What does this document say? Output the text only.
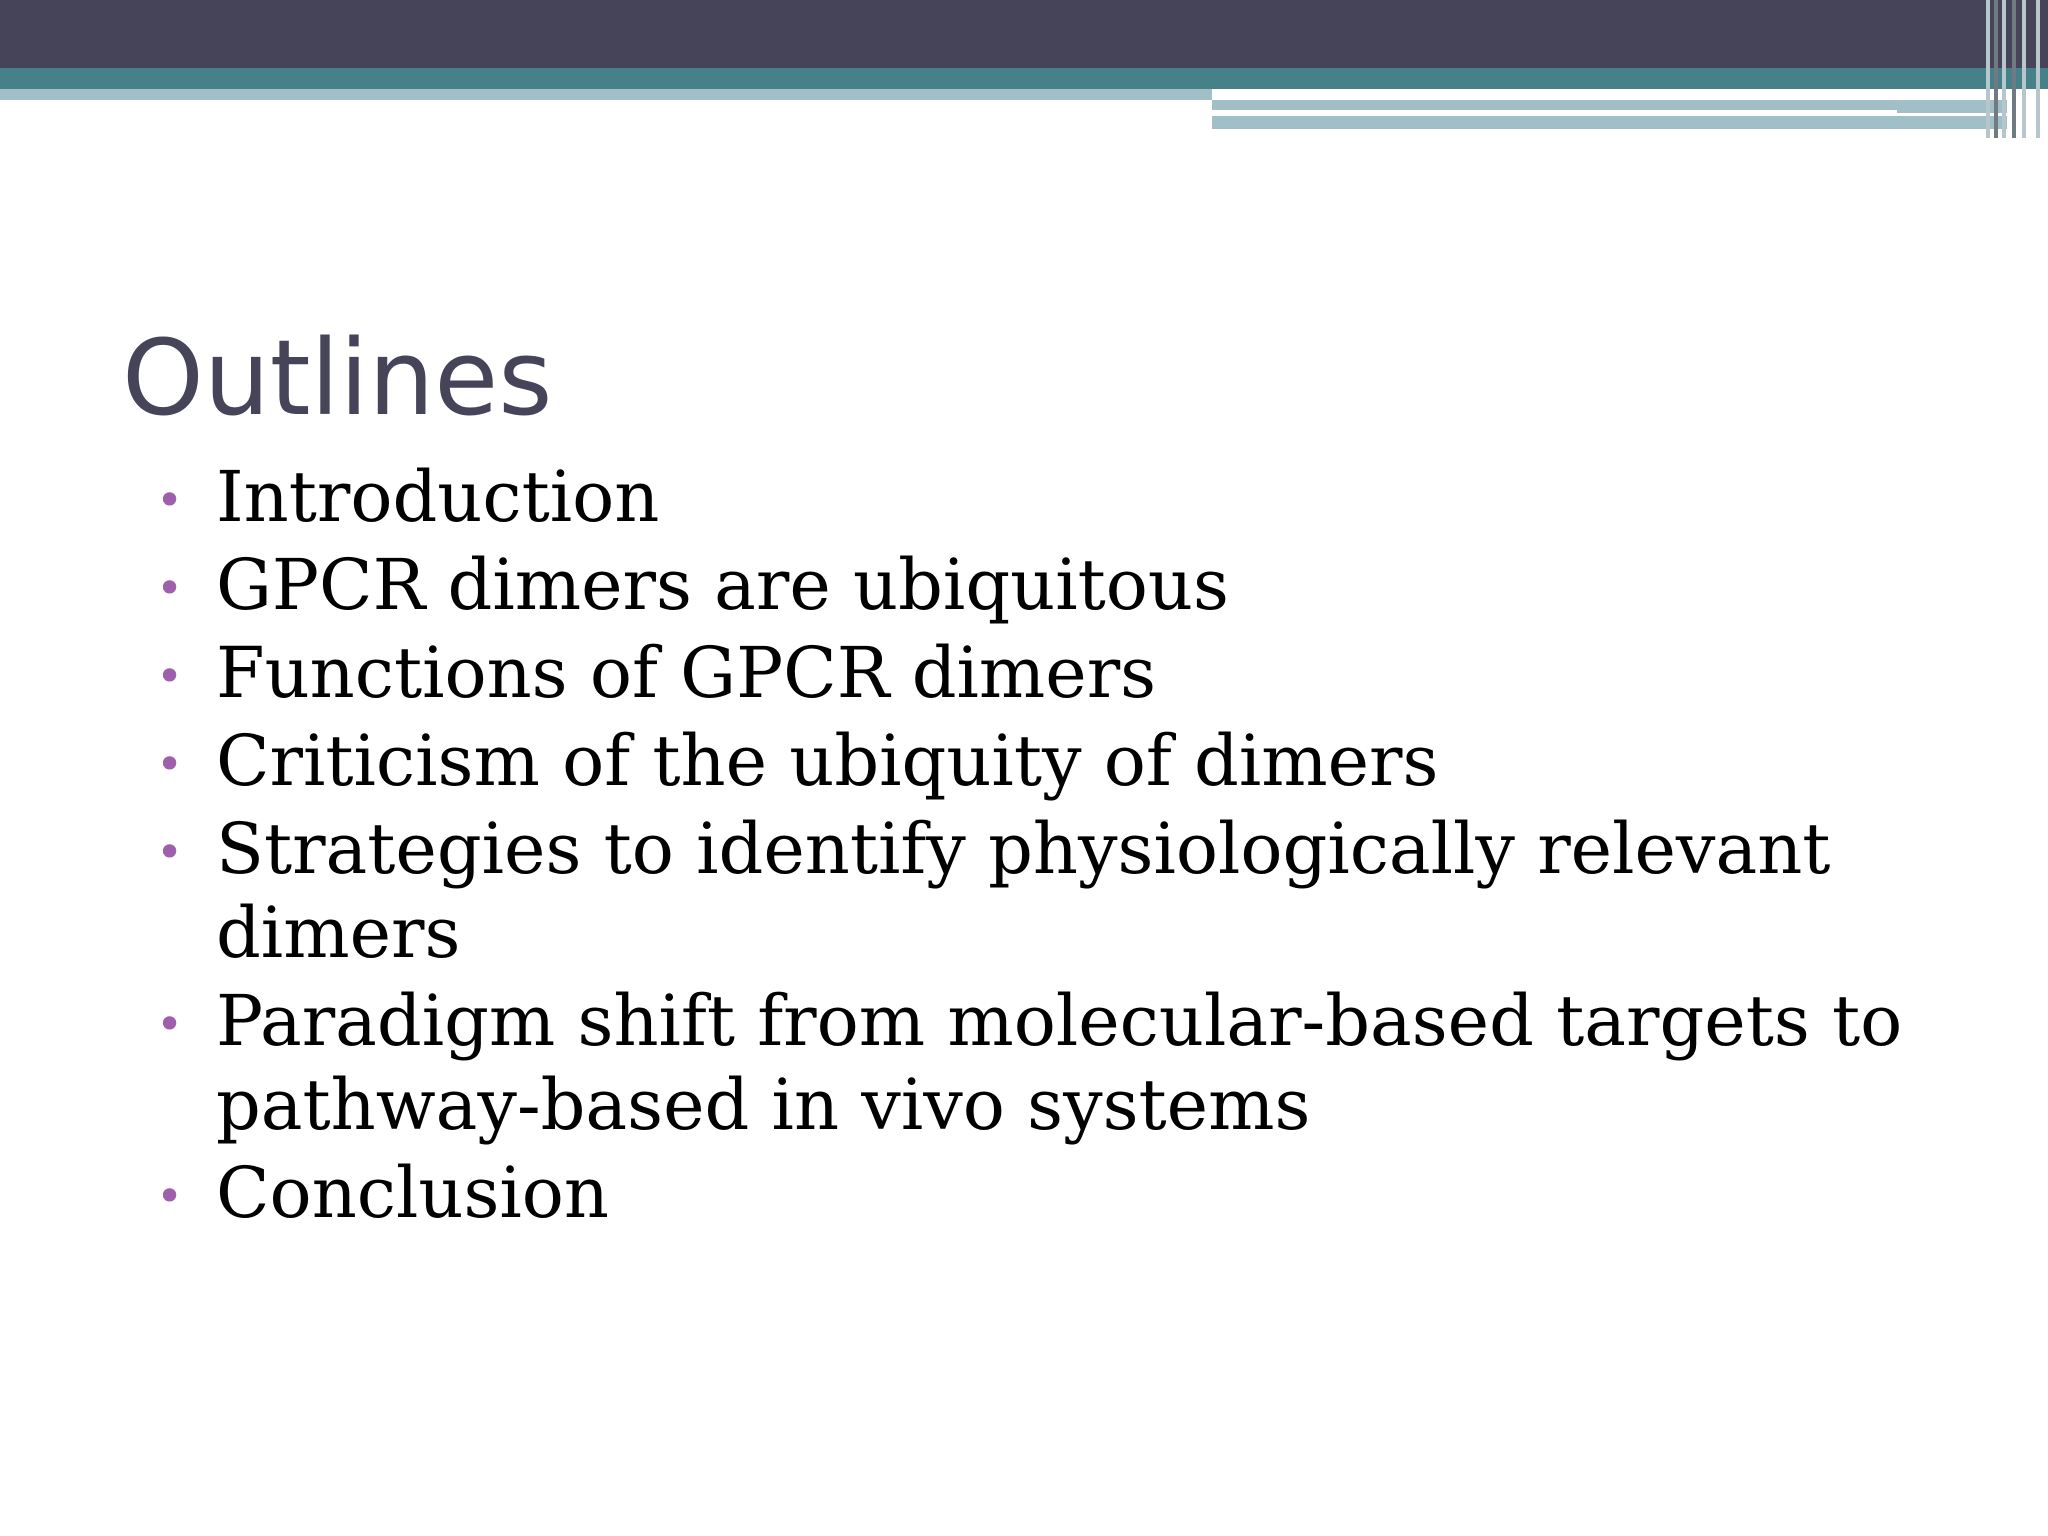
Outlines
• Introduction
• GPCR dimers are ubiquitous
• Functions of GPCR dimers
• Criticism of the ubiquity of dimers
• Strategies to identify physiologically relevant dimers
• Paradigm shift from molecular-based targets to pathway-based in vivo systems
• Conclusion
